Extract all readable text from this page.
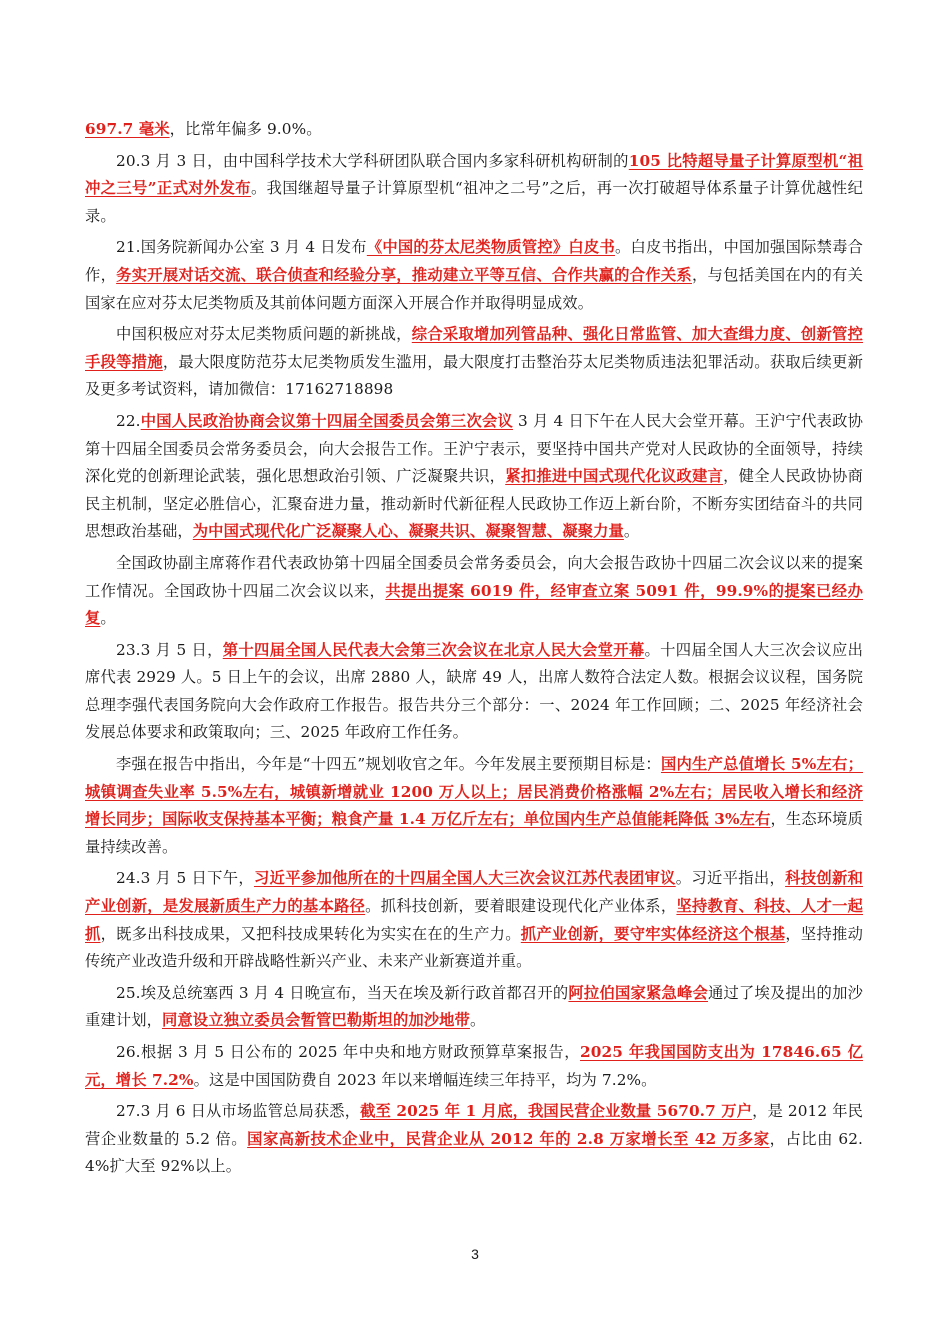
697.7 毫米，比常年偏多 9.0%。

20.3 月 3 日，由中国科学技术大学科研团队联合国内多家科研机构研制的105 比特超导量子计算原型机“祖冲之三号”正式对外发布。我国继超导量子计算原型机“祖冲之二号”之后，再一次打破超导体系量子计算优越性纪录。

21.国务院新闻办公室 3 月 4 日发布《中国的芬太尼类物质管控》白皮书。白皮书指出，中国加强国际禁毒合作，务实开展对话交流、联合侦查和经验分享，推动建立平等互信、合作共赢的合作关系，与包括美国在内的有关国家在应对芬太尼类物质及其前体问题方面深入开展合作并取得明显成效。

中国积极应对芬太尼类物质问题的新挑战，综合采取增加列管品种、强化日常监管、加大查缉力度、创新管控手段等措施，最大限度防范芬太尼类物质发生滥用，最大限度打击整治芬太尼类物质违法犯罪活动。获取后续更新及更多考试资料，请加微信：17162718898

22.中国人民政治协商会议第十四届全国委员会第三次会议 3 月 4 日下午在人民大会堂开幕。王沪宁代表政协第十四届全国委员会常务委员会，向大会报告工作。王沪宁表示，要坚持中国共产党对人民政协的全面领导，持续深化党的创新理论武装，强化思想政治引领、广泛凝聚共识，紧扣推进中国式现代化议政建言，健全人民政协协商民主机制，坚定必胜信心，汇聚奋进力量，推动新时代新征程人民政协工作迈上新台阶，不断夯实团结奋斗的共同思想政治基础，为中国式现代化广泛凝聚人心、凝聚共识、凝聚智慧、凝聚力量。

全国政协副主席蒋作君代表政协第十四届全国委员会常务委员会，向大会报告政协十四届二次会议以来的提案工作情况。全国政协十四届二次会议以来，共提出提案 6019 件，经审查立案 5091 件，99.9%的提案已经办复。

23.3 月 5 日，第十四届全国人民代表大会第三次会议在北京人民大会堂开幕。十四届全国人大三次会议应出席代表 2929 人。5 日上午的会议，出席 2880 人，缺席 49 人，出席人数符合法定人数。根据会议议程，国务院总理李强代表国务院向大会作政府工作报告。报告共分三个部分：一、2024 年工作回顾；二、2025 年经济社会发展总体要求和政策取向；三、2025 年政府工作任务。

李强在报告中指出，今年是“十四五”规划收官之年。今年发展主要预期目标是：国内生产总值增长 5%左右；城镇调查失业率 5.5%左右，城镇新增就业 1200 万人以上；居民消费价格涨幅 2%左右；居民收入增长和经济增长同步；国际收支保持基本平衡；粮食产量 1.4 万亿斤左右；单位国内生产总值能耗降低 3%左右，生态环境质量持续改善。

24.3 月 5 日下午，习近平参加他所在的十四届全国人大三次会议江苏代表团审议。习近平指出，科技创新和产业创新，是发展新质生产力的基本路径。抓科技创新，要着眼建设现代化产业体系，坚持教育、科技、人才一起抓，既多出科技成果，又把科技成果转化为实实在在的生产力。抓产业创新，要守牢实体经济这个根基，坚持推动传统产业改造升级和开辟战略性新兴产业、未来产业新赛道并重。

25.埃及总统塞西 3 月 4 日晚宣布，当天在埃及新行政首都召开的阿拉伯国家紧急峰会通过了埃及提出的加沙重建计划，同意设立独立委员会暂管巴勒斯坦的加沙地带。

26.根据 3 月 5 日公布的 2025 年中央和地方财政预算草案报告，2025 年我国国防支出为 17846.65 亿元，增长 7.2%。这是中国国防费自 2023 年以来增幅连续三年持平，均为 7.2%。

27.3 月 6 日从市场监管总局获悉，截至 2025 年 1 月底，我国民营企业数量 5670.7 万户，是 2012 年民营企业数量的 5.2 倍。国家高新技术企业中，民营企业从 2012 年的 2.8 万家增长至 42 万多家，占比由 62.4%扩大至 92%以上。

3
